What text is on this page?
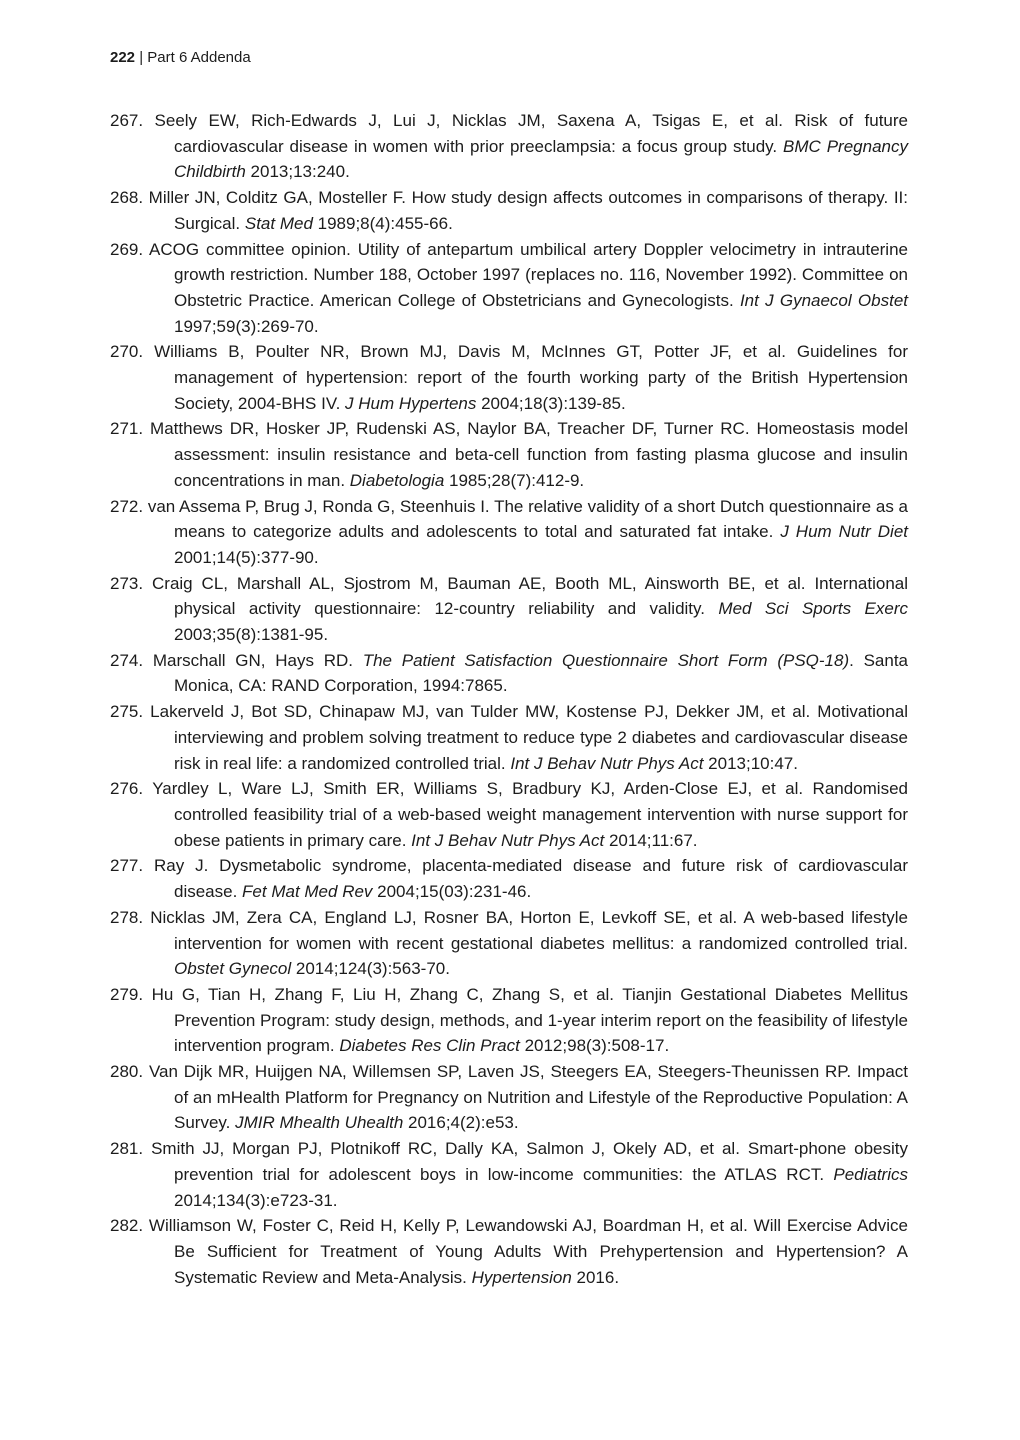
222 | Part 6 Addenda

267. Seely EW, Rich-Edwards J, Lui J, Nicklas JM, Saxena A, Tsigas E, et al. Risk of future cardiovascular disease in women with prior preeclampsia: a focus group study. BMC Pregnancy Childbirth 2013;13:240.

268. Miller JN, Colditz GA, Mosteller F. How study design affects outcomes in comparisons of therapy. II: Surgical. Stat Med 1989;8(4):455-66.

269. ACOG committee opinion. Utility of antepartum umbilical artery Doppler velocimetry in intrauterine growth restriction. Number 188, October 1997 (replaces no. 116, November 1992). Committee on Obstetric Practice. American College of Obstetricians and Gynecologists. Int J Gynaecol Obstet 1997;59(3):269-70.

270. Williams B, Poulter NR, Brown MJ, Davis M, McInnes GT, Potter JF, et al. Guidelines for management of hypertension: report of the fourth working party of the British Hypertension Society, 2004-BHS IV. J Hum Hypertens 2004;18(3):139-85.

271. Matthews DR, Hosker JP, Rudenski AS, Naylor BA, Treacher DF, Turner RC. Homeostasis model assessment: insulin resistance and beta-cell function from fasting plasma glucose and insulin concentrations in man. Diabetologia 1985;28(7):412-9.

272. van Assema P, Brug J, Ronda G, Steenhuis I. The relative validity of a short Dutch questionnaire as a means to categorize adults and adolescents to total and saturated fat intake. J Hum Nutr Diet 2001;14(5):377-90.

273. Craig CL, Marshall AL, Sjostrom M, Bauman AE, Booth ML, Ainsworth BE, et al. International physical activity questionnaire: 12-country reliability and validity. Med Sci Sports Exerc 2003;35(8):1381-95.

274. Marschall GN, Hays RD. The Patient Satisfaction Questionnaire Short Form (PSQ-18). Santa Monica, CA: RAND Corporation, 1994:7865.

275. Lakerveld J, Bot SD, Chinapaw MJ, van Tulder MW, Kostense PJ, Dekker JM, et al. Motivational interviewing and problem solving treatment to reduce type 2 diabetes and cardiovascular disease risk in real life: a randomized controlled trial. Int J Behav Nutr Phys Act 2013;10:47.

276. Yardley L, Ware LJ, Smith ER, Williams S, Bradbury KJ, Arden-Close EJ, et al. Randomised controlled feasibility trial of a web-based weight management intervention with nurse support for obese patients in primary care. Int J Behav Nutr Phys Act 2014;11:67.

277. Ray J. Dysmetabolic syndrome, placenta-mediated disease and future risk of cardiovascular disease. Fet Mat Med Rev 2004;15(03):231-46.

278. Nicklas JM, Zera CA, England LJ, Rosner BA, Horton E, Levkoff SE, et al. A web-based lifestyle intervention for women with recent gestational diabetes mellitus: a randomized controlled trial. Obstet Gynecol 2014;124(3):563-70.

279. Hu G, Tian H, Zhang F, Liu H, Zhang C, Zhang S, et al. Tianjin Gestational Diabetes Mellitus Prevention Program: study design, methods, and 1-year interim report on the feasibility of lifestyle intervention program. Diabetes Res Clin Pract 2012;98(3):508-17.

280. Van Dijk MR, Huijgen NA, Willemsen SP, Laven JS, Steegers EA, Steegers-Theunissen RP. Impact of an mHealth Platform for Pregnancy on Nutrition and Lifestyle of the Reproductive Population: A Survey. JMIR Mhealth Uhealth 2016;4(2):e53.

281. Smith JJ, Morgan PJ, Plotnikoff RC, Dally KA, Salmon J, Okely AD, et al. Smart-phone obesity prevention trial for adolescent boys in low-income communities: the ATLAS RCT. Pediatrics 2014;134(3):e723-31.

282. Williamson W, Foster C, Reid H, Kelly P, Lewandowski AJ, Boardman H, et al. Will Exercise Advice Be Sufficient for Treatment of Young Adults With Prehypertension and Hypertension? A Systematic Review and Meta-Analysis. Hypertension 2016.
